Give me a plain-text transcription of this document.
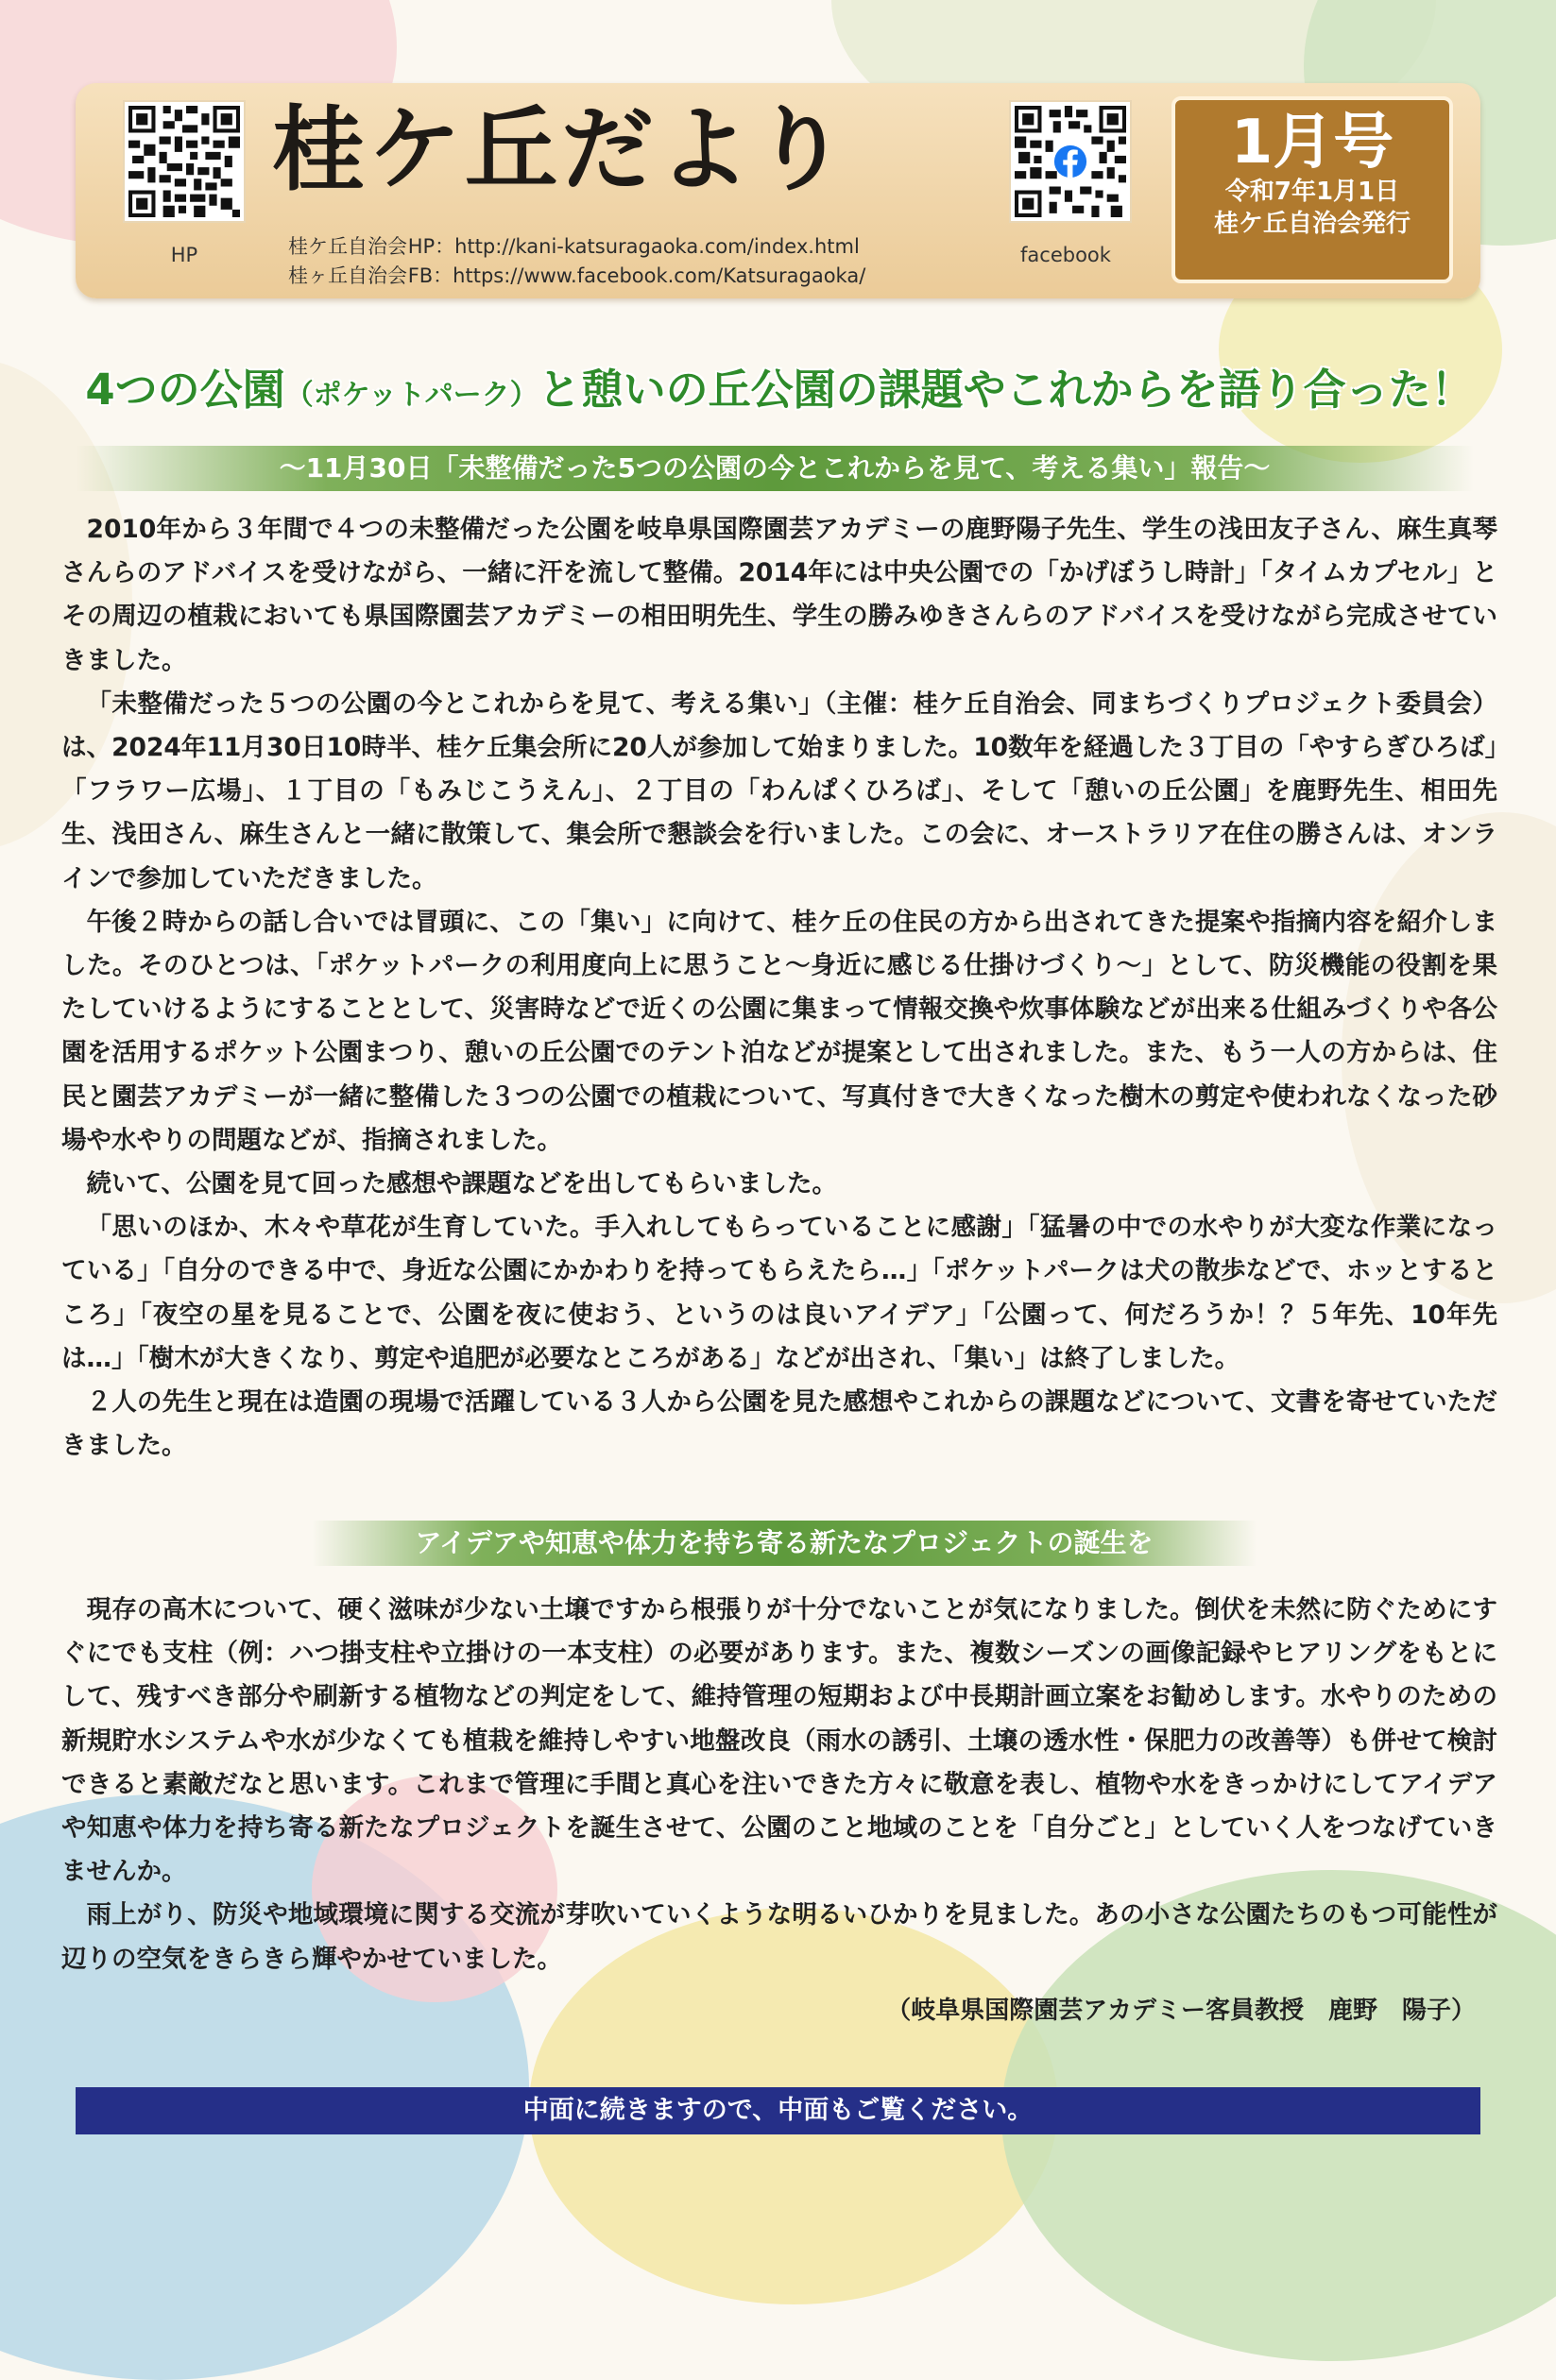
HP
桂ケ丘だより
桂ケ丘自治会 HP：http://kani-katsuragaoka.com/index.html
桂ヶ丘自治会 FB：https://www.facebook.com/Katsuragaoka/
facebook
1月号
令和7年1月1日
桂ケ丘自治会発行
4つの公園（ポケットパーク）と憩いの丘公園の課題やこれからを語り合った！
～11月30日「未整備だった5つの公園の今とこれからを見て、考える集い」報告～

2010年から３年間で４つの未整備だった公園を岐阜県国際園芸アカデミーの鹿野陽子先生、学生の浅田友子さん、麻生真琴さんらのアドバイスを受けながら、一緒に汗を流して整備。2014年には中央公園での「かげぼうし時計」「タイムカプセル」とその周辺の植栽においても県国際園芸アカデミーの相田明先生、学生の勝みゆきさんらのアドバイスを受けながら完成させていきました。

「未整備だった５つの公園の今とこれからを見て、考える集い」（主催：桂ケ丘自治会、同まちづくりプロジェクト委員会）は、2024年11月30日10時半、桂ケ丘集会所に20人が参加して始まりました。10数年を経過した３丁目の「やすらぎひろば」「フラワー広場」、１丁目の「もみじこうえん」、２丁目の「わんぱくひろば」、そして「憩いの丘公園」を鹿野先生、相田先生、浅田さん、麻生さんと一緒に散策して、集会所で懇談会を行いました。この会に、オーストラリア在住の勝さんは、オンラインで参加していただきました。

午後２時からの話し合いでは冒頭に、この「集い」に向けて、桂ケ丘の住民の方から出されてきた提案や指摘内容を紹介しました。そのひとつは、「ポケットパークの利用度向上に思うこと～身近に感じる仕掛けづくり～」として、防災機能の役割を果たしていけるようにすることとして、災害時などで近くの公園に集まって情報交換や炊事体験などが出来る仕組みづくりや各公園を活用するポケット公園まつり、憩いの丘公園でのテント泊などが提案として出されました。また、もう一人の方からは、住民と園芸アカデミーが一緒に整備した３つの公園での植栽について、写真付きで大きくなった樹木の剪定や使われなくなった砂場や水やりの問題などが、指摘されました。

続いて、公園を見て回った感想や課題などを出してもらいました。

「思いのほか、木々や草花が生育していた。手入れしてもらっていることに感謝」「猛暑の中での水やりが大変な作業になっている」「自分のできる中で、身近な公園にかかわりを持ってもらえたら…」「ポケットパークは犬の散歩などで、ホッとするところ」「夜空の星を見ることで、公園を夜に使おう、というのは良いアイデア」「公園って、何だろうか！？５年先、10年先は…」「樹木が大きくなり、剪定や追肥が必要なところがある」などが出され、「集い」は終了しました。

２人の先生と現在は造園の現場で活躍している３人から公園を見た感想やこれからの課題などについて、文書を寄せていただきました。

アイデアや知恵や体力を持ち寄る新たなプロジェクトの誕生を

現存の高木について、硬く滋味が少ない土壌ですから根張りが十分でないことが気になりました。倒伏を未然に防ぐためにすぐにでも支柱（例：ハつ掛支柱や立掛けの一本支柱）の必要があります。また、複数シーズンの画像記録やヒアリングをもとにして、残すべき部分や刷新する植物などの判定をして、維持管理の短期および中長期計画立案をお勧めします。水やりのための新規貯水システムや水が少なくても植栽を維持しやすい地盤改良（雨水の誘引、土壌の透水性・保肥力の改善等）も併せて検討できると素敵だなと思います。これまで管理に手間と真心を注いできた方々に敬意を表し、植物や水をきっかけにしてアイデアや知恵や体力を持ち寄る新たなプロジェクトを誕生させて、公園のこと地域のことを「自分ごと」としていく人をつなげていきませんか。

雨上がり、防災や地域環境に関する交流が芽吹いていくような明るいひかりを見ました。あの小さな公園たちのもつ可能性が辺りの空気をきらきら輝やかせていました。

（岐阜県国際園芸アカデミー客員教授　鹿野　陽子）
中面に続きますので、中面もご覧ください。
